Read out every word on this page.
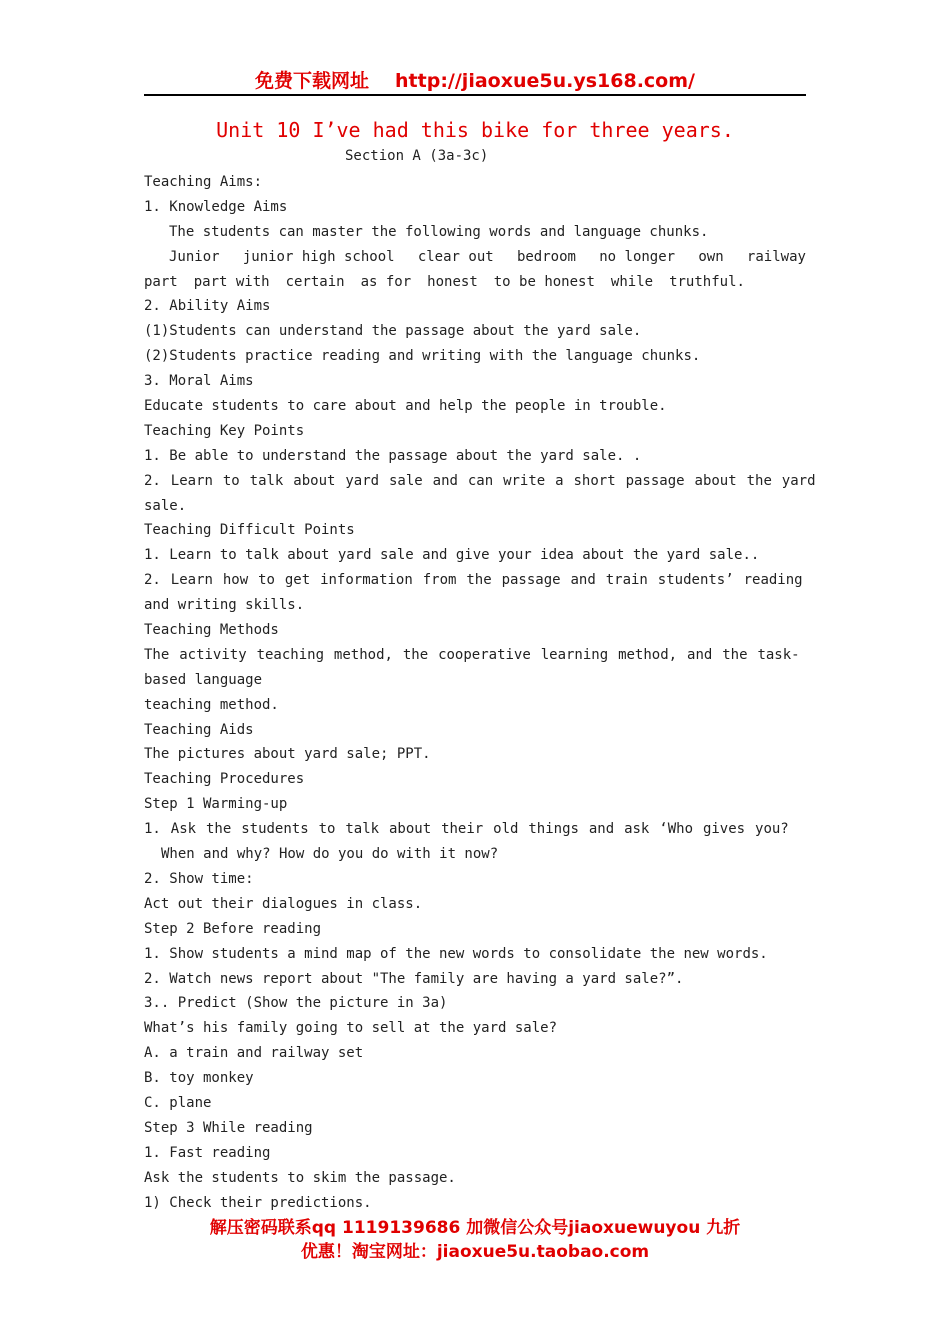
免费下载网址 http://jiaoxue5u.ys168.com/
Unit 10 I’ve had this bike for three years.
Section A (3a-3c)
Teaching Aims:
1. Knowledge Aims
The students can master the following words and language chunks.
Junior junior high school clear out bedroom no longer own railway
part part with certain as for honest to be honest while truthful.
2. Ability Aims
(1)Students can understand the passage about the yard sale.
(2)Students practice reading and writing with the language chunks.
3. Moral Aims
Educate students to care about and help the people in trouble.
Teaching Key Points
1. Be able to understand the passage about the yard sale. .
2. Learn to talk about yard sale and can write a short passage about the yard
sale.
Teaching Difficult Points
1. Learn to talk about yard sale and give your idea about the yard sale..
2. Learn how to get information from the passage and train students’ reading
and writing skills.
Teaching Methods
The activity teaching method, the cooperative learning method, and the task-
based language
teaching method.
Teaching Aids
The pictures about yard sale; PPT.
Teaching Procedures
Step 1 Warming-up
1. Ask the students to talk about their old things and ask ‘Who gives you?
When and why? How do you do with it now?
2. Show time:
Act out their dialogues in class.
Step 2 Before reading
1. Show students a mind map of the new words to consolidate the new words.
2. Watch news report about "The family are having a yard sale?”.
3.. Predict (Show the picture in 3a)
What’s his family going to sell at the yard sale?
A. a train and railway set
B. toy monkey
C. plane
Step 3 While reading
1. Fast reading
Ask the students to skim the passage.
1) Check their predictions.
解压密码联系qq 1119139686 加微信公众号jiaoxuewuyou 九折
优惠！淘宝网址：jiaoxue5u.taobao.com
